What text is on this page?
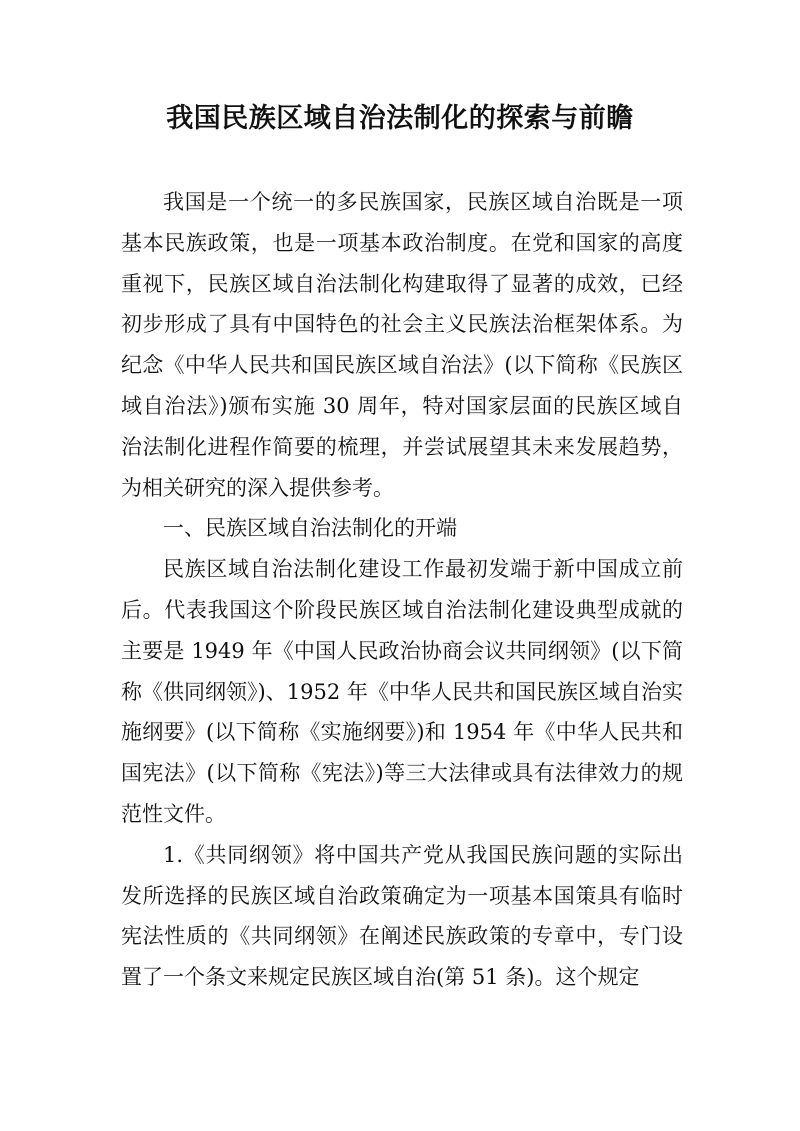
我国民族区域自治法制化的探索与前瞻

我国是一个统一的多民族国家，民族区域自治既是一项基本民族政策，也是一项基本政治制度。在党和国家的高度重视下，民族区域自治法制化构建取得了显著的成效，已经初步形成了具有中国特色的社会主义民族法治框架体系。为纪念《中华人民共和国民族区域自治法》(以下简称《民族区域自治法》)颁布实施 30 周年，特对国家层面的民族区域自治法制化进程作简要的梳理，并尝试展望其未来发展趋势，为相关研究的深入提供参考。

一、民族区域自治法制化的开端

民族区域自治法制化建设工作最初发端于新中国成立前后。代表我国这个阶段民族区域自治法制化建设典型成就的主要是 1949 年《中国人民政治协商会议共同纲领》(以下简称《供同纲领》)、1952 年《中华人民共和国民族区域自治实施纲要》(以下简称《实施纲要》)和 1954 年《中华人民共和国宪法》(以下简称《宪法》)等三大法律或具有法律效力的规范性文件。

1.《共同纲领》将中国共产党从我国民族问题的实际出发所选择的民族区域自治政策确定为一项基本国策具有临时宪法性质的《共同纲领》在阐述民族政策的专章中，专门设置了一个条文来规定民族区域自治(第 51 条)。这个规定
